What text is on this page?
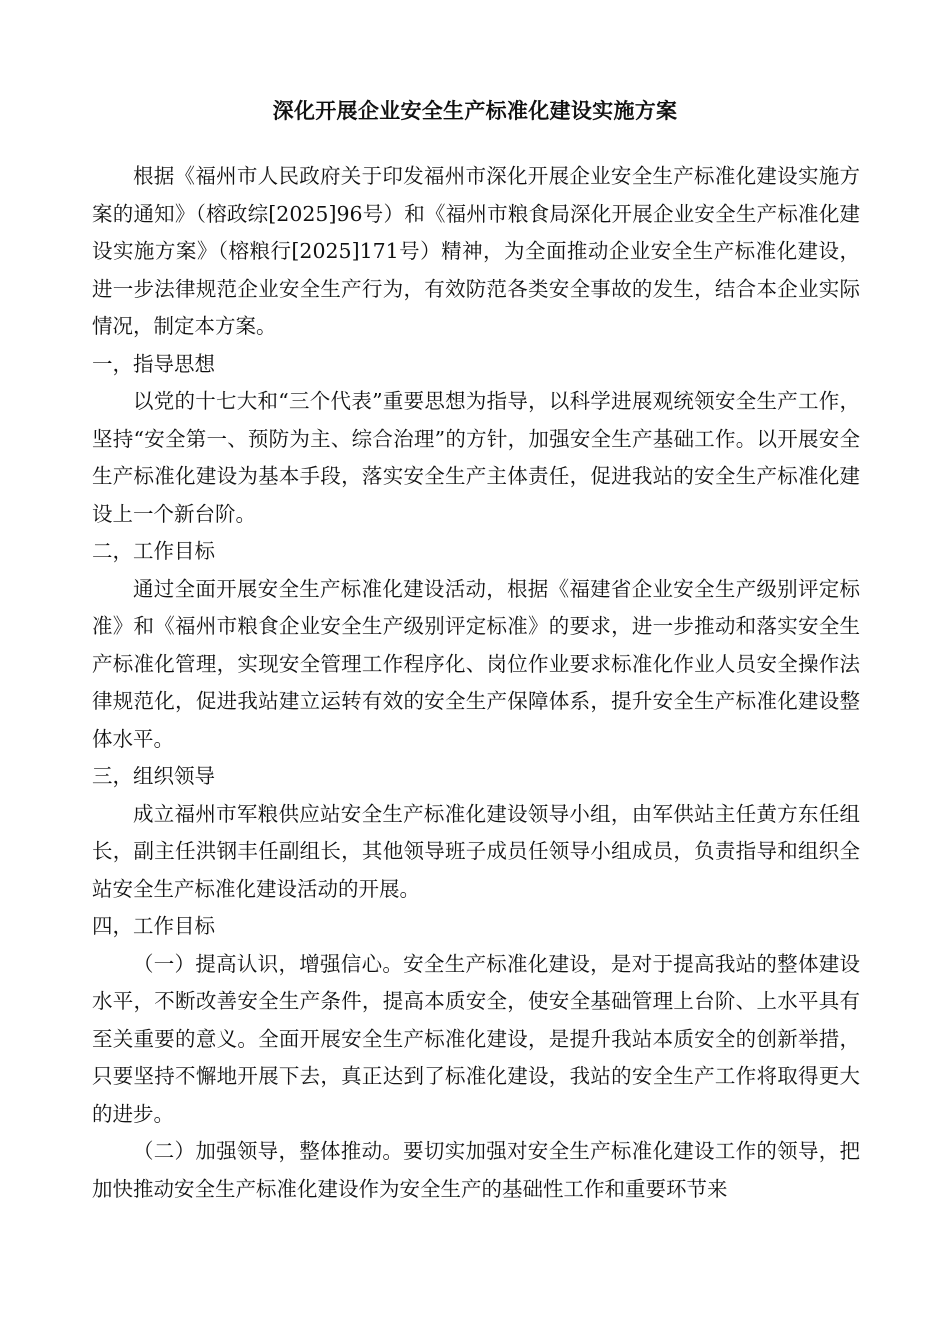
深化开展企业安全生产标准化建设实施方案

根据《福州市人民政府关于印发福州市深化开展企业安全生产标准化建设实施方案的通知》（榕政综[2025]96号）和《福州市粮食局深化开展企业安全生产标准化建设实施方案》（榕粮行[2025]171号）精神，为全面推动企业安全生产标准化建设，进一步法律规范企业安全生产行为，有效防范各类安全事故的发生，结合本企业实际情况，制定本方案。

一，指导思想

以党的十七大和“三个代表”重要思想为指导，以科学进展观统领安全生产工作，坚持“安全第一、预防为主、综合治理”的方针，加强安全生产基础工作。以开展安全生产标准化建设为基本手段，落实安全生产主体责任，促进我站的安全生产标准化建设上一个新台阶。

二，工作目标

通过全面开展安全生产标准化建设活动，根据《福建省企业安全生产级别评定标准》和《福州市粮食企业安全生产级别评定标准》的要求，进一步推动和落实安全生产标准化管理，实现安全管理工作程序化、岗位作业要求标准化作业人员安全操作法律规范化，促进我站建立运转有效的安全生产保障体系，提升安全生产标准化建设整体水平。

三，组织领导

成立福州市军粮供应站安全生产标准化建设领导小组，由军供站主任黄方东任组长，副主任洪钢丰任副组长，其他领导班子成员任领导小组成员，负责指导和组织全站安全生产标准化建设活动的开展。

四，工作目标

（一）提高认识，增强信心。安全生产标准化建设，是对于提高我站的整体建设水平，不断改善安全生产条件，提高本质安全，使安全基础管理上台阶、上水平具有至关重要的意义。全面开展安全生产标准化建设，是提升我站本质安全的创新举措，只要坚持不懈地开展下去，真正达到了标准化建设，我站的安全生产工作将取得更大的进步。

（二）加强领导，整体推动。要切实加强对安全生产标准化建设工作的领导，把加快推动安全生产标准化建设作为安全生产的基础性工作和重要环节来
